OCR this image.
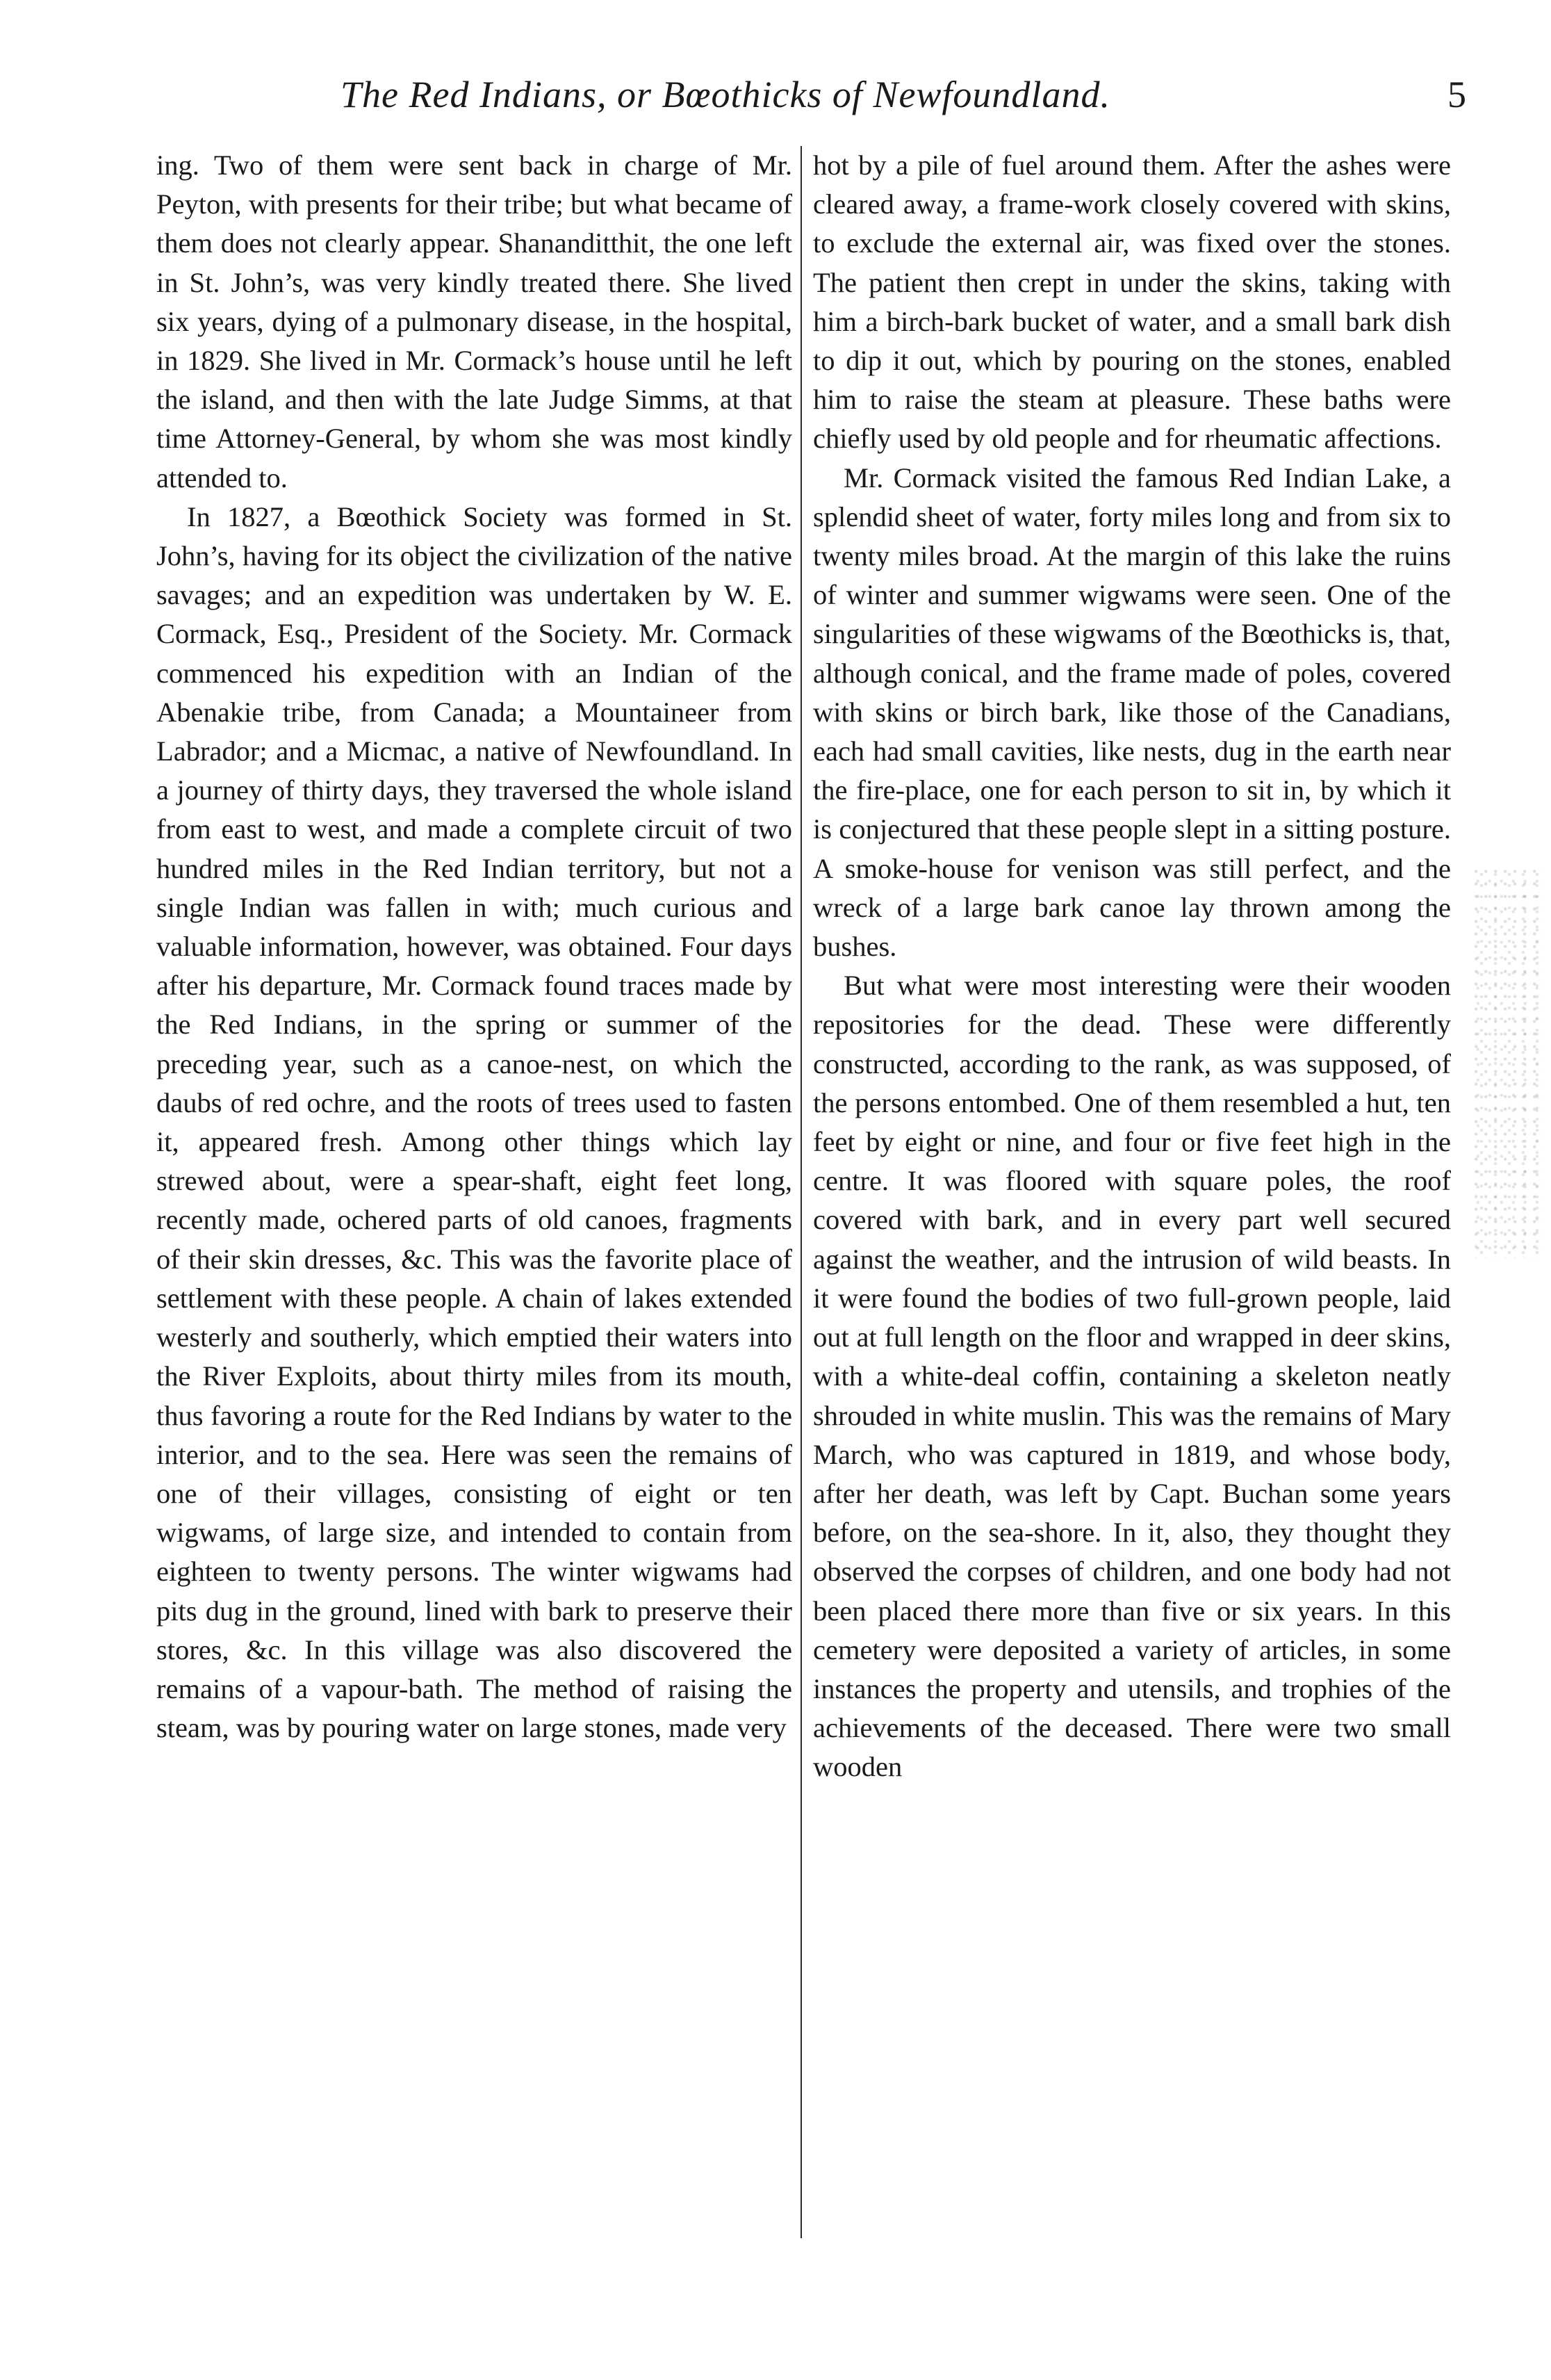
The Red Indians, or Bœothicks of Newfoundland.	5

ing. Two of them were sent back in charge of Mr. Peyton, with presents for their tribe; but what became of them does not clearly appear. Shananditthit, the one left in St. John’s, was very kindly treated there. She lived six years, dying of a pulmonary disease, in the hospital, in 1829. She lived in Mr. Cormack’s house until he left the island, and then with the late Judge Simms, at that time Attorney-General, by whom she was most kindly attended to.

In 1827, a Bœothick Society was formed in St. John’s, having for its object the civilization of the native savages; and an expedition was undertaken by W. E. Cormack, Esq., President of the Society. Mr. Cormack commenced his expedition with an Indian of the Abenakie tribe, from Canada; a Mountaineer from Labrador; and a Micmac, a native of Newfoundland. In a journey of thirty days, they traversed the whole island from east to west, and made a complete circuit of two hundred miles in the Red Indian territory, but not a single Indian was fallen in with; much curious and valuable information, however, was obtained. Four days after his departure, Mr. Cormack found traces made by the Red Indians, in the spring or summer of the preceding year, such as a canoe-nest, on which the daubs of red ochre, and the roots of trees used to fasten it, appeared fresh. Among other things which lay strewed about, were a spear-shaft, eight feet long, recently made, ochered parts of old canoes, fragments of their skin dresses, &c. This was the favorite place of settlement with these people. A chain of lakes extended westerly and southerly, which emptied their waters into the River Exploits, about thirty miles from its mouth, thus favoring a route for the Red Indians by water to the interior, and to the sea. Here was seen the remains of one of their villages, consisting of eight or ten wigwams, of large size, and intended to contain from eighteen to twenty persons. The winter wigwams had pits dug in the ground, lined with bark to preserve their stores, &c. In this village was also discovered the remains of a vapour-bath. The method of raising the steam, was by pouring water on large stones, made very

hot by a pile of fuel around them. After the ashes were cleared away, a frame-work closely covered with skins, to exclude the external air, was fixed over the stones. The patient then crept in under the skins, taking with him a birch-bark bucket of water, and a small bark dish to dip it out, which by pouring on the stones, enabled him to raise the steam at pleasure. These baths were chiefly used by old people and for rheumatic affections.

Mr. Cormack visited the famous Red Indian Lake, a splendid sheet of water, forty miles long and from six to twenty miles broad. At the margin of this lake the ruins of winter and summer wigwams were seen. One of the singularities of these wigwams of the Bœothicks is, that, although conical, and the frame made of poles, covered with skins or birch bark, like those of the Canadians, each had small cavities, like nests, dug in the earth near the fire-place, one for each person to sit in, by which it is conjectured that these people slept in a sitting posture. A smoke-house for venison was still perfect, and the wreck of a large bark canoe lay thrown among the bushes.

But what were most interesting were their wooden repositories for the dead. These were differently constructed, according to the rank, as was supposed, of the persons entombed. One of them resembled a hut, ten feet by eight or nine, and four or five feet high in the centre. It was floored with square poles, the roof covered with bark, and in every part well secured against the weather, and the intrusion of wild beasts. In it were found the bodies of two full-grown people, laid out at full length on the floor and wrapped in deer skins, with a white-deal coffin, containing a skeleton neatly shrouded in white muslin. This was the remains of Mary March, who was captured in 1819, and whose body, after her death, was left by Capt. Buchan some years before, on the sea-shore. In it, also, they thought they observed the corpses of children, and one body had not been placed there more than five or six years. In this cemetery were deposited a variety of articles, in some instances the property and utensils, and trophies of the achievements of the deceased. There were two small wooden
